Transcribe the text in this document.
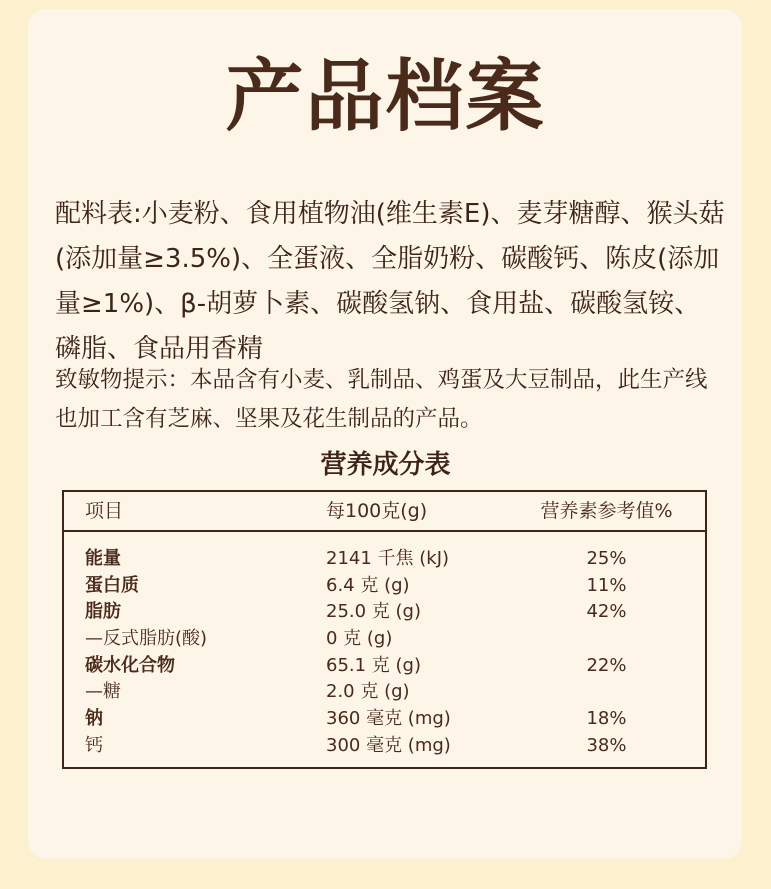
产品档案

配料表:小麦粉、食用植物油(维生素E)、麦芽糖醇、猴头菇(添加量≥3.5%)、全蛋液、全脂奶粉、碳酸钙、陈皮(添加量≥1%)、β-胡萝卜素、碳酸氢钠、食用盐、碳酸氢铵、磷脂、食品用香精

致敏物提示：本品含有小麦、乳制品、鸡蛋及大豆制品，此生产线也加工含有芝麻、坚果及花生制品的产品。

营养成分表
项目	每100克(g)	营养素参考值%
能量	2141 千焦 (kJ)	25%
蛋白质	6.4 克 (g)	11%
脂肪	25.0 克 (g)	42%
—反式脂肪(酸)	0 克 (g)
碳水化合物	65.1 克 (g)	22%
—糖	2.0 克 (g)
钠	360 毫克 (mg)	18%
钙	300 毫克 (mg)	38%
